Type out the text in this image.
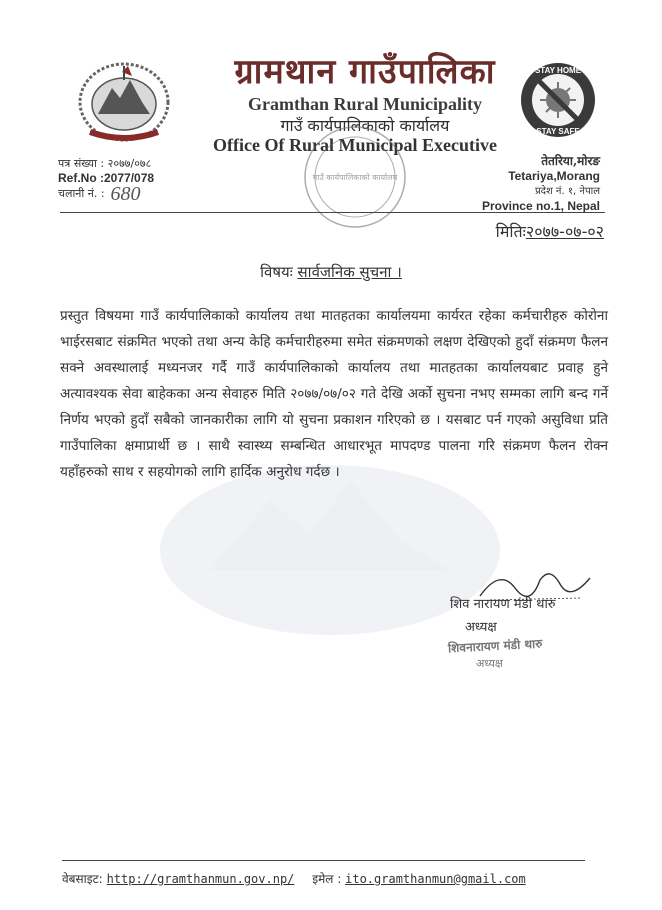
STAY HOME
STAY SAFE
ग्रामथान गाउँपालिका
Gramthan Rural Municipality
गाउँ कार्यपालिकाको कार्यालय
Office Of Rural Municipal Executive
गाउँ कार्यपालिकाको कार्यालय
पत्र संख्या : २०७७/०७८
Ref.No :2077/078
चलानी नं. : 680
तेतरिया,मोरङ
Tetariya,Morang
प्रदेश नं. १, नेपाल
Province no.1, Nepal
मितिः२०७७-०७-०२
विषयः सार्वजनिक सुचना ।

प्रस्तुत विषयमा गाउँ कार्यपालिकाको कार्यालय तथा मातहतका कार्यालयमा कार्यरत रहेका कर्मचारीहरु कोरोना भाईरसबाट संक्रमित भएको तथा अन्य केहि कर्मचारीहरुमा समेत संक्रमणको लक्षण देखिएको हुदाँ संक्रमण फैलन सक्ने अवस्थालाई मध्यनजर गर्दै गाउँ कार्यपालिकाको कार्यालय तथा मातहतका कार्यालयबाट प्रवाह हुने अत्यावश्यक सेवा बाहेकका अन्य सेवाहरु मिति २०७७/०७/०२ गते देखि अर्को सुचना नभए सम्मका लागि बन्द गर्ने निर्णय भएको हुदाँ सबैको जानकारीका लागि यो सुचना प्रकाशन गरिएको छ । यसबाट पर्न गएको असुविधा प्रति गाउँपालिका क्षमाप्रार्थी छ । साथै स्वास्थ्य सम्बन्धित आधारभूत मापदण्ड पालना गरि संक्रमण फैलन रोक्न यहाँहरुको साथ र सहयोगको लागि हार्दिक अनुरोध गर्दछ ।

शिव नारायण मंडी थारु
अध्यक्ष
शिवनारायण मंडी थारु
अध्यक्ष
वेबसाइट: http://gramthanmun.gov.np/ इमेल : ito.gramthanmun@gmail.com
